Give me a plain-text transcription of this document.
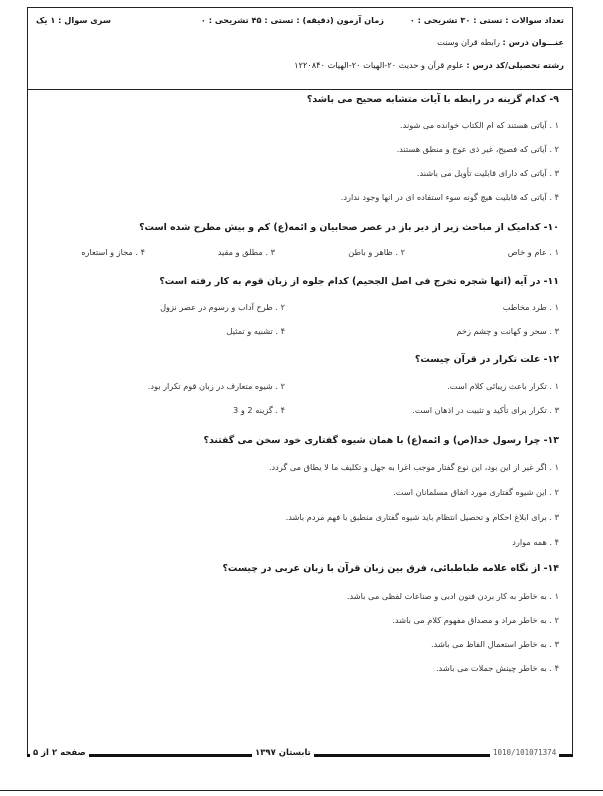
تعداد سوالات : تستی : ۳۰ تشریحی : ۰
زمان آزمون (دقیقه) : تستی : ۴۵ تشریحی : ۰
سری سوال : ۱ یک
عنـــوان درس : رابطه قران وسنت
رشته تحصیلی/کد درس : علوم قرآن و حدیث ۲۰-الهیات ۲۰-الهیات ۱۲۲۰۸۴۰
۹- کدام گزینه در رابطه با آیات متشابه صحیح می باشد؟
۱ . آیاتی هستند که ام الکتاب خوانده می شوند.
۲ . آیاتی که فصیح، غیر ذی عوج و منطق هستند.
۳ . آیاتی که دارای قابلیت تأویل می باشند.
۴ . آیاتی که قابلیت هیچ گونه سوء استفاده ای در انها وجود ندارد.
۱۰- کدامیک از مباحث زیر از دیر باز در عصر صحابیان و ائمه(ع) کم و بیش مطرح شده است؟
۱ . عام و خاص
۲ . ظاهر و باطن
۳ . مطلق و مقید
۴ . مجاز و استعاره
۱۱- در آیه (انها شجره تخرج فی اصل الجحیم) کدام جلوه از زبان قوم به کار رفته است؟
۱ . طرد مخاطب
۲ . طرح آداب و رسوم در عصر نزول
۳ . سحر و کهانت و چشم زخم
۴ . تشبیه و تمثیل
۱۲- علت تکرار در قرآن چیست؟
۱ . تکرار باعث زیبائی کلام است.
۲ . شیوه متعارف در زبان قوم تکرار بود.
۳ . تکرار برای تأکید و تثبیت در اذهان است.
۴ . گزینه 2 و 3
۱۳- چرا رسول خدا(ص) و ائمه(ع) با همان شیوه گفتاری خود سخن می گفتند؟
۱ . اگر غیر از این بود، این نوع گفتار موجب اغرا به جهل و تکلیف ما لا یطاق می گردد.
۲ . این شیوه گفتاری مورد اتفاق مسلمانان است.
۳ . برای ابلاغ احکام و تحصیل انتظام باید شیوه گفتاری منطبق با فهم مردم باشد.
۴ . همه موارد
۱۴- از نگاه علامه طباطبائی، فرق بین زبان قرآن با زبان عربی در چیست؟
۱ . به خاطر به کار بردن فنون ادبی و صناعات لفظی می باشد.
۲ . به خاطر مراد و مصداق مفهوم کلام می باشد.
۳ . به خاطر استعمال الفاظ می باشد.
۴ . به خاطر چینش جملات می باشد.
صفحه ۲ از ۵	تابستان ۱۳۹۷	1010/101071374
